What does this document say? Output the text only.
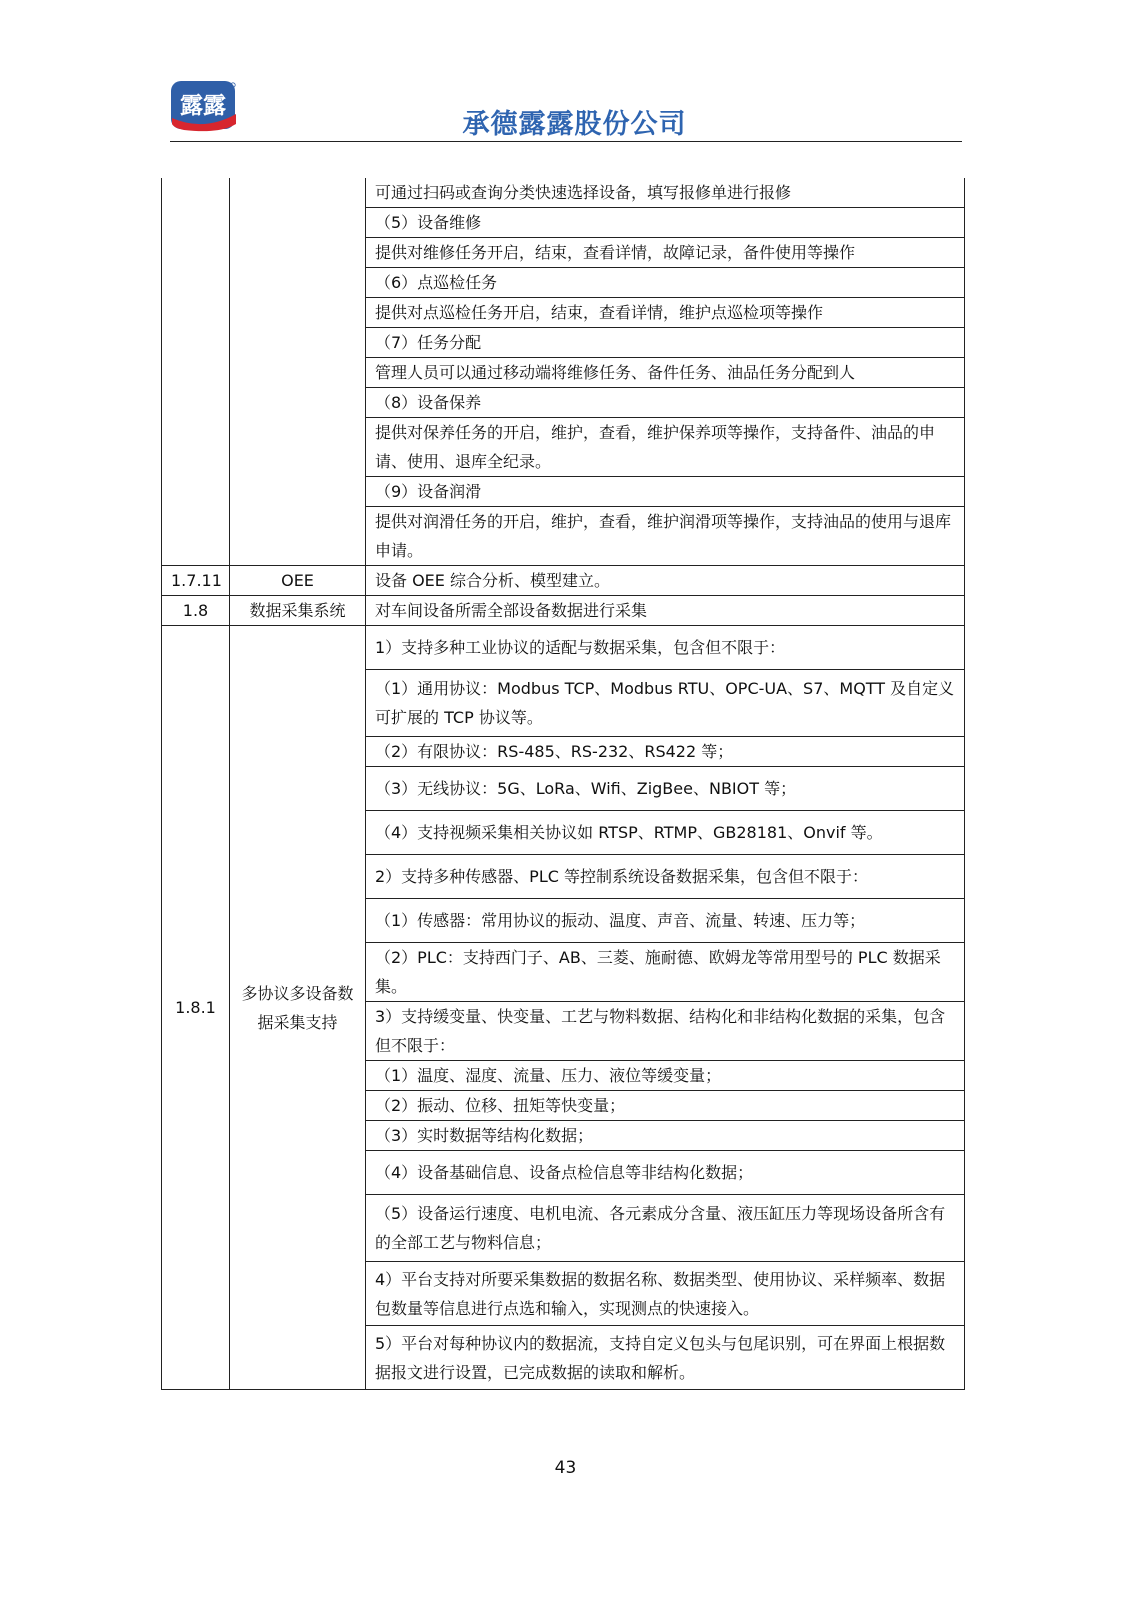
露露
承德露露股份公司
		可通过扫码或查询分类快速选择设备，填写报修单进行报修
		（5）设备维修
		提供对维修任务开启，结束，查看详情，故障记录，备件使用等操作
		（6）点巡检任务
		提供对点巡检任务开启，结束，查看详情，维护点巡检项等操作
		（7）任务分配
		管理人员可以通过移动端将维修任务、备件任务、油品任务分配到人
		（8）设备保养
		提供对保养任务的开启，维护，查看，维护保养项等操作，支持备件、油品的申请、使用、退库全纪录。
		（9）设备润滑
		提供对润滑任务的开启，维护，查看，维护润滑项等操作，支持油品的使用与退库申请。
1.7.11	OEE	设备 OEE 综合分析、模型建立。
1.8	数据采集系统	对车间设备所需全部设备数据进行采集
1.8.1	多协议多设备数据采集支持	1）支持多种工业协议的适配与数据采集，包含但不限于：
		（1）通用协议：Modbus TCP、Modbus RTU、OPC-UA、S7、MQTT 及自定义可扩展的 TCP 协议等。
		（2）有限协议：RS-485、RS-232、RS422 等；
		（3）无线协议：5G、LoRa、Wifi、ZigBee、NBIOT 等；
		（4）支持视频采集相关协议如 RTSP、RTMP、GB28181、Onvif 等。
		2）支持多种传感器、PLC 等控制系统设备数据采集，包含但不限于：
		（1）传感器：常用协议的振动、温度、声音、流量、转速、压力等；
		（2）PLC：支持西门子、AB、三菱、施耐德、欧姆龙等常用型号的 PLC 数据采集。
		3）支持缓变量、快变量、工艺与物料数据、结构化和非结构化数据的采集，包含但不限于：
		（1）温度、湿度、流量、压力、液位等缓变量；
		（2）振动、位移、扭矩等快变量；
		（3）实时数据等结构化数据；
		（4）设备基础信息、设备点检信息等非结构化数据；
		（5）设备运行速度、电机电流、各元素成分含量、液压缸压力等现场设备所含有的全部工艺与物料信息；
		4）平台支持对所要采集数据的数据名称、数据类型、使用协议、采样频率、数据包数量等信息进行点选和输入，实现测点的快速接入。
		5）平台对每种协议内的数据流，支持自定义包头与包尾识别，可在界面上根据数据报文进行设置，已完成数据的读取和解析。
43
